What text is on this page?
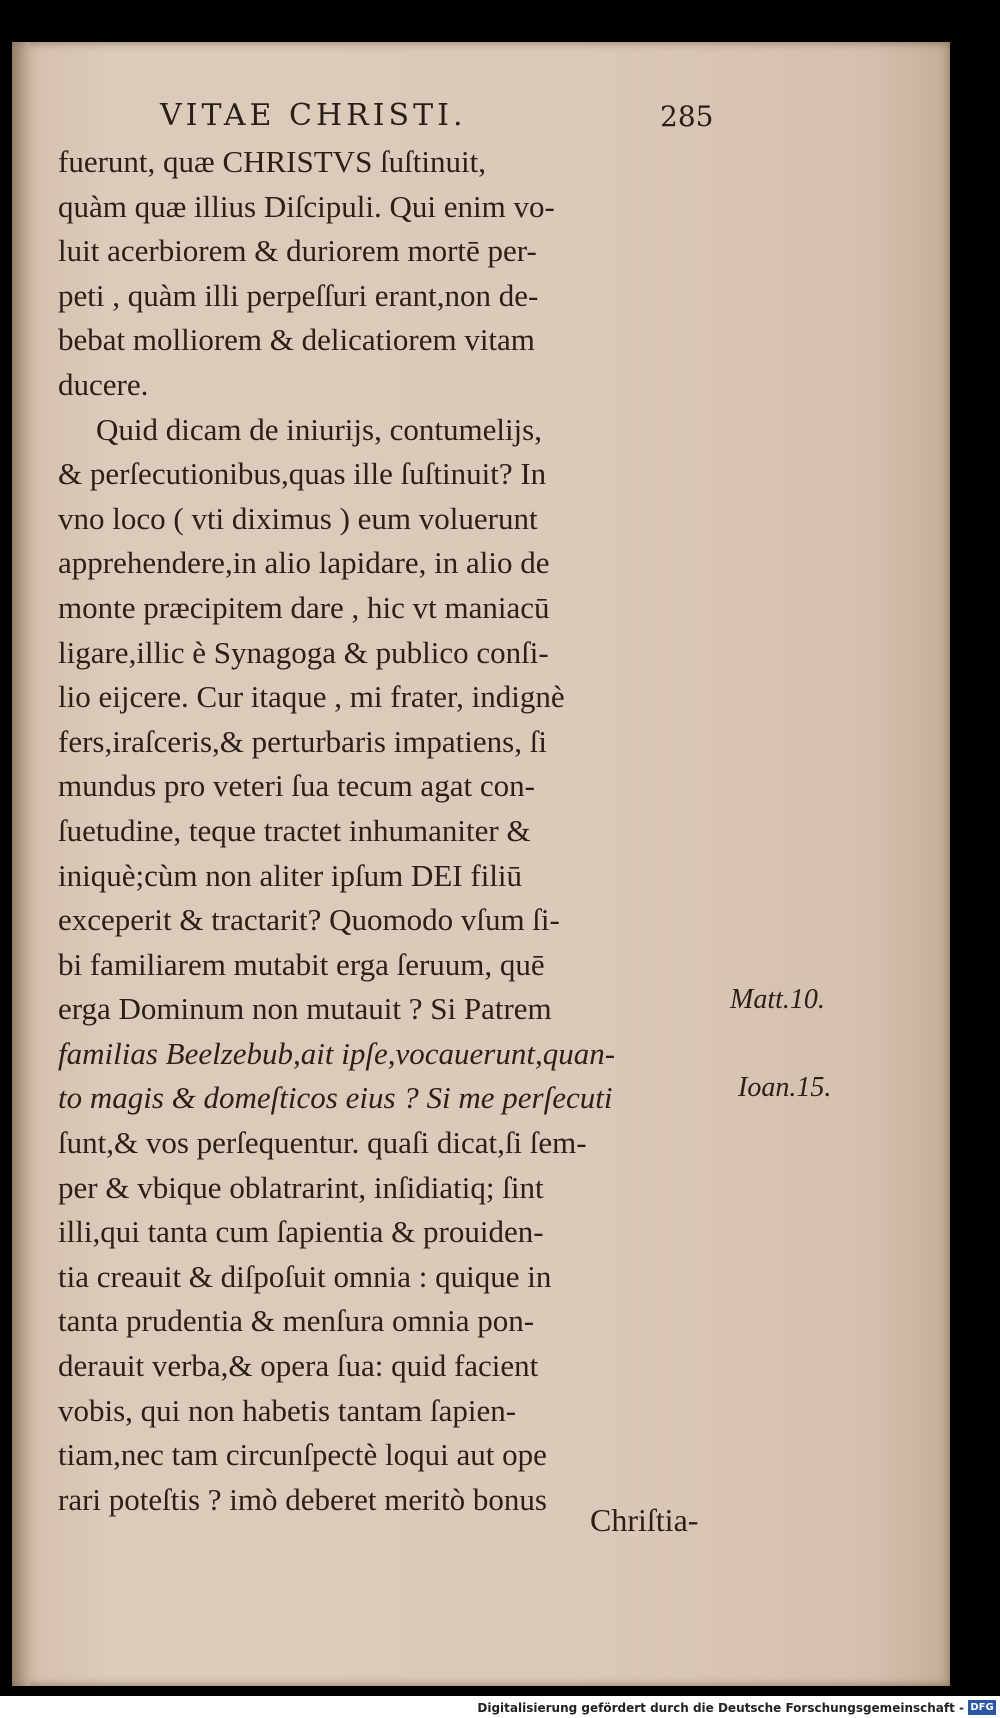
VITAE CHRISTI.	285
fuerunt, quæ CHRISTVS ſuſtinuit,
quàm quæ illius Diſcipuli. Qui enim vo-
luit acerbiorem & duriorem mortē per-
peti , quàm illi perpeſſuri erant,non de-
bebat molliorem & delicatiorem vitam
ducere.
Quid dicam de iniurijs, contumelijs,
& perſecutionibus,quas ille ſuſtinuit? In
vno loco ( vti diximus ) eum voluerunt
apprehendere,in alio lapidare, in alio de
monte præcipitem dare , hic vt maniacū
ligare,illic è Synagoga & publico conſi-
lio eijcere. Cur itaque , mi frater, indignè
fers,iraſceris,& perturbaris impatiens, ſi
mundus pro veteri ſua tecum agat con-
ſuetudine, teque tractet inhumaniter &
iniquè;cùm non aliter ipſum DEI filiū
exceperit & tractarit? Quomodo vſum ſi-
bi familiarem mutabit erga ſeruum, quē
erga Dominum non mutauit ? Si Patrem
familias Beelzebub,ait ipſe,vocauerunt,quan-
to magis & domeſticos eius ? Si me perſecuti
ſunt,& vos perſequentur. quaſi dicat,ſi ſem-
per & vbique oblatrarint, inſidiatiq; ſint
illi,qui tanta cum ſapientia & prouiden-
tia creauit & diſpoſuit omnia : quique in
tanta prudentia & menſura omnia pon-
derauit verba,& opera ſua: quid facient
vobis, qui non habetis tantam ſapien-
tiam,nec tam circunſpectè loqui aut ope
rari poteſtis ? imò deberet meritò bonus
Matt.10.
Ioan.15.
Chriſtia-
Digitalisierung gefördert durch die Deutsche Forschungsgemeinschaft - DFG
